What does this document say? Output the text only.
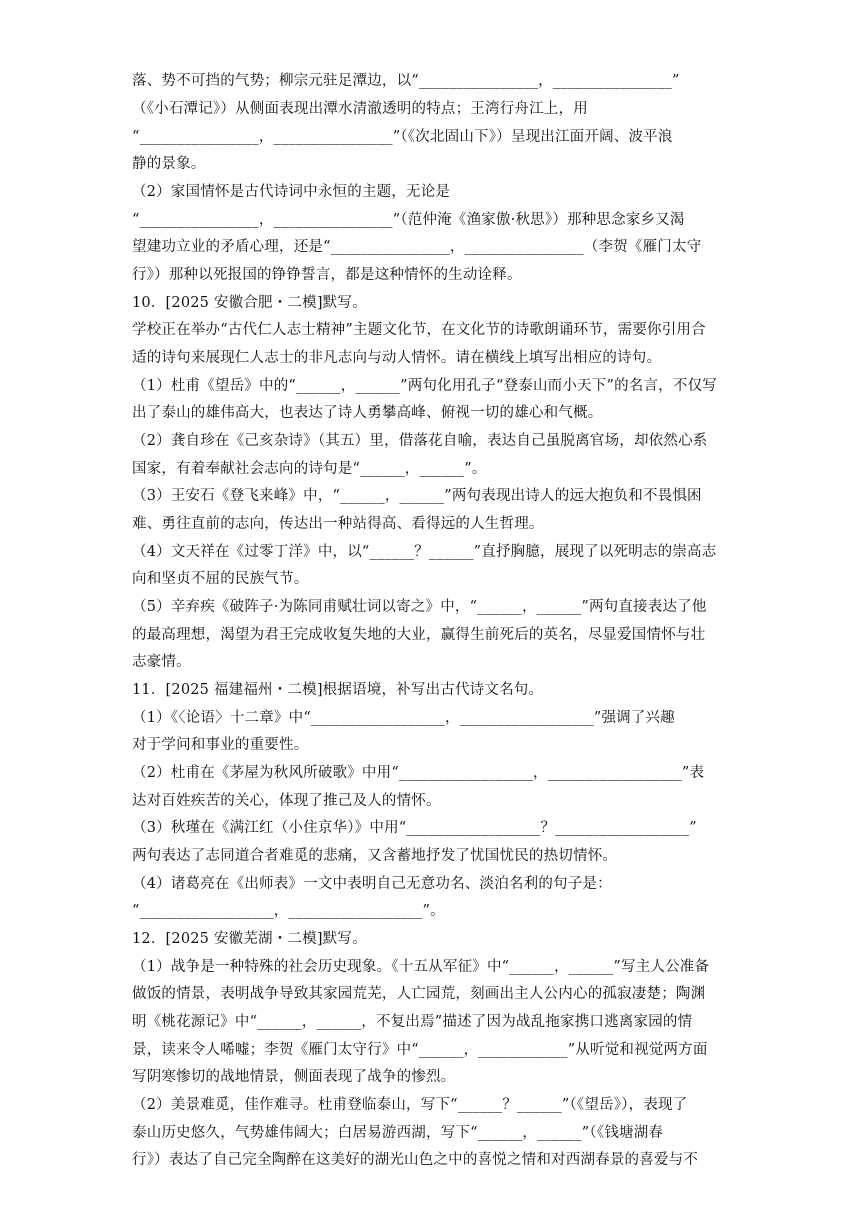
落、势不可挡的气势；柳宗元驻足潭边，以“________________，________________”
（《小石潭记》）从侧面表现出潭水清澈透明的特点；王湾行舟江上，用
“________________，________________”（《次北固山下》）呈现出江面开阔、波平浪
静的景象。
（2）家国情怀是古代诗词中永恒的主题，无论是
“________________，________________”（范仲淹《渔家傲·秋思》）那种思念家乡又渴
望建功立业的矛盾心理，还是“________________，________________（李贺《雁门太守
行》）那种以死报国的铮铮誓言，都是这种情怀的生动诠释。
10．[2025 安徽合肥・二模]默写。
学校正在举办“古代仁人志士精神”主题文化节，在文化节的诗歌朗诵环节，需要你引用合
适的诗句来展现仁人志士的非凡志向与动人情怀。请在横线上填写出相应的诗句。
（1）杜甫《望岳》中的“______，______”两句化用孔子“登泰山而小天下”的名言，不仅写
出了泰山的雄伟高大，也表达了诗人勇攀高峰、俯视一切的雄心和气概。
（2）龚自珍在《己亥杂诗》（其五）里，借落花自喻，表达自己虽脱离官场，却依然心系
国家，有着奉献社会志向的诗句是“______，______”。
（3）王安石《登飞来峰》中，“______，______”两句表现出诗人的远大抱负和不畏惧困
难、勇往直前的志向，传达出一种站得高、看得远的人生哲理。
（4）文天祥在《过零丁洋》中，以“______？______”直抒胸臆，展现了以死明志的崇高志
向和坚贞不屈的民族气节。
（5）辛弃疾《破阵子·为陈同甫赋壮词以寄之》中，“______，______”两句直接表达了他
的最高理想，渴望为君王完成收复失地的大业，赢得生前死后的英名，尽显爱国情怀与壮
志豪情。
11．[2025 福建福州・二模]根据语境，补写出古代诗文名句。
（1）《〈论语〉十二章》中“__________________，__________________”强调了兴趣
对于学问和事业的重要性。
（2）杜甫在《茅屋为秋风所破歌》中用“__________________，__________________”表
达对百姓疾苦的关心，体现了推己及人的情怀。
（3）秋瑾在《满江红（小住京华）》中用“__________________？__________________”
两句表达了志同道合者难觅的悲痛，又含蓄地抒发了忧国忧民的热切情怀。
（4）诸葛亮在《出师表》一文中表明自己无意功名、淡泊名利的句子是：
“__________________，__________________”。
12．[2025 安徽芜湖・二模]默写。
（1）战争是一种特殊的社会历史现象。《十五从军征》中“______，______”写主人公准备
做饭的情景，表明战争导致其家园荒芜，人亡园荒，刻画出主人公内心的孤寂凄楚；陶渊
明《桃花源记》中“______，______，不复出焉”描述了因为战乱拖家携口逃离家园的情
景，读来令人唏嘘；李贺《雁门太守行》中“______，____________”从听觉和视觉两方面
写阴寒惨切的战地情景，侧面表现了战争的惨烈。
（2）美景难觅，佳作难寻。杜甫登临泰山，写下“______？______”（《望岳》），表现了
泰山历史悠久，气势雄伟阔大；白居易游西湖，写下“______，______”（《钱塘湖春
行》）表达了自己完全陶醉在这美好的湖光山色之中的喜悦之情和对西湖春景的喜爱与不
